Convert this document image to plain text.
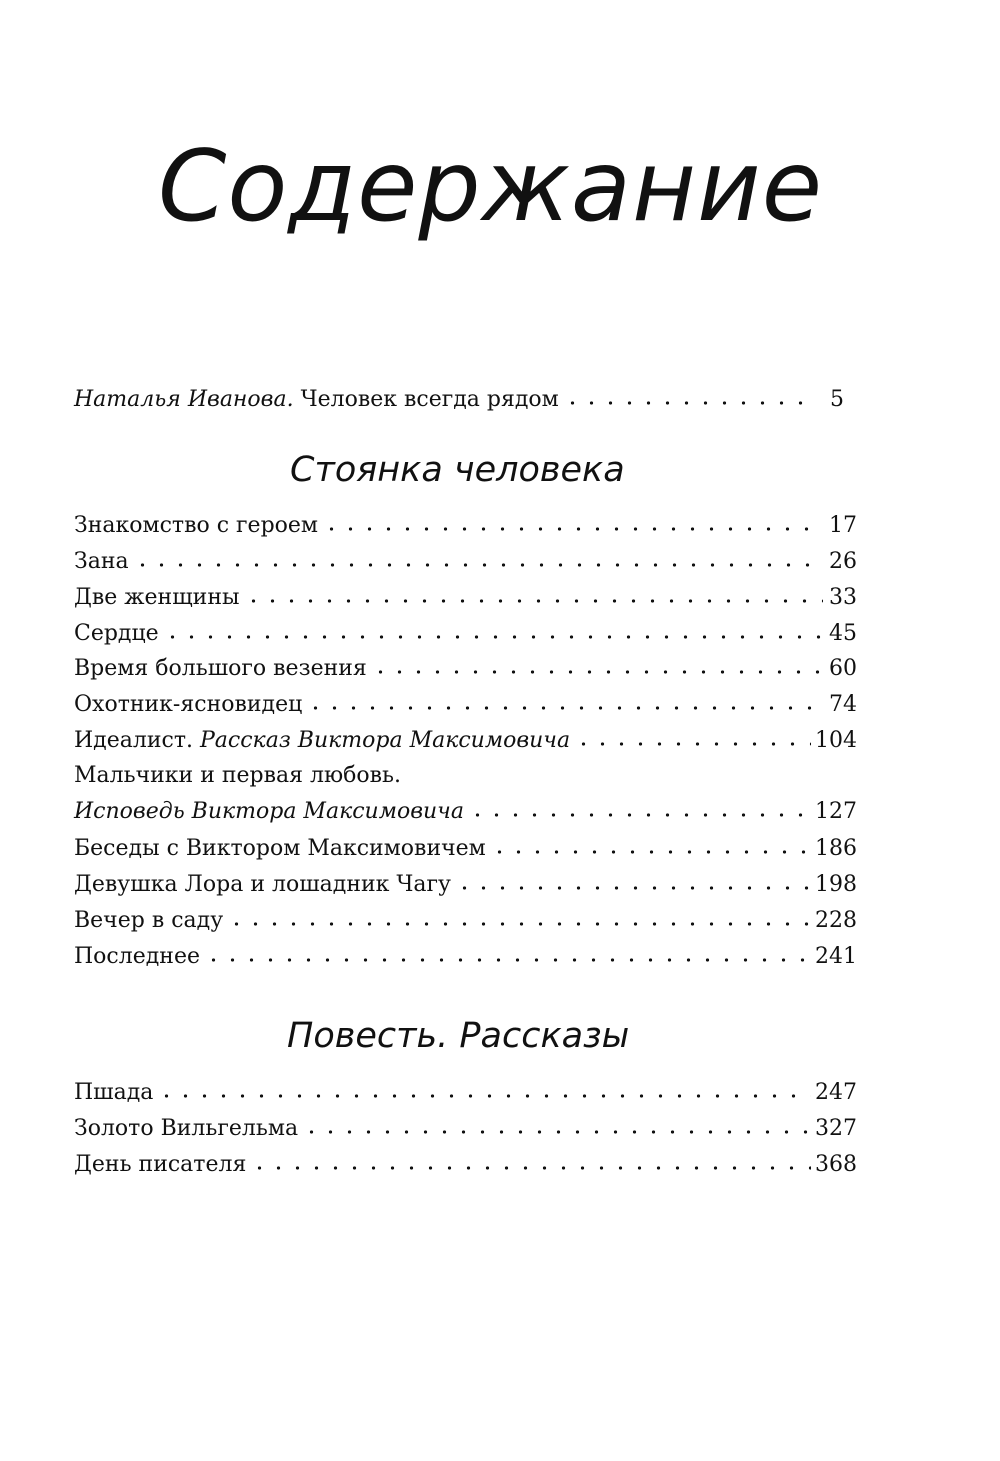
Содержание
Наталья Иванова.
Человек всегда рядом	5
Стоянка человека
Знакомство с героем	17
Зана	26
Две женщины	33
Сердце	45
Время большого везения	60
Охотник-ясновидец	74
Идеалист.
Рассказ Виктора Максимовича	104
Мальчики и первая любовь.
Исповедь Виктора Максимовича	127
Беседы с Виктором Максимовичем	186
Девушка Лора и лошадник Чагу	198
Вечер в саду	228
Последнее	241
Повесть. Рассказы
Пшада	247
Золото Вильгельма	327
День писателя	368
